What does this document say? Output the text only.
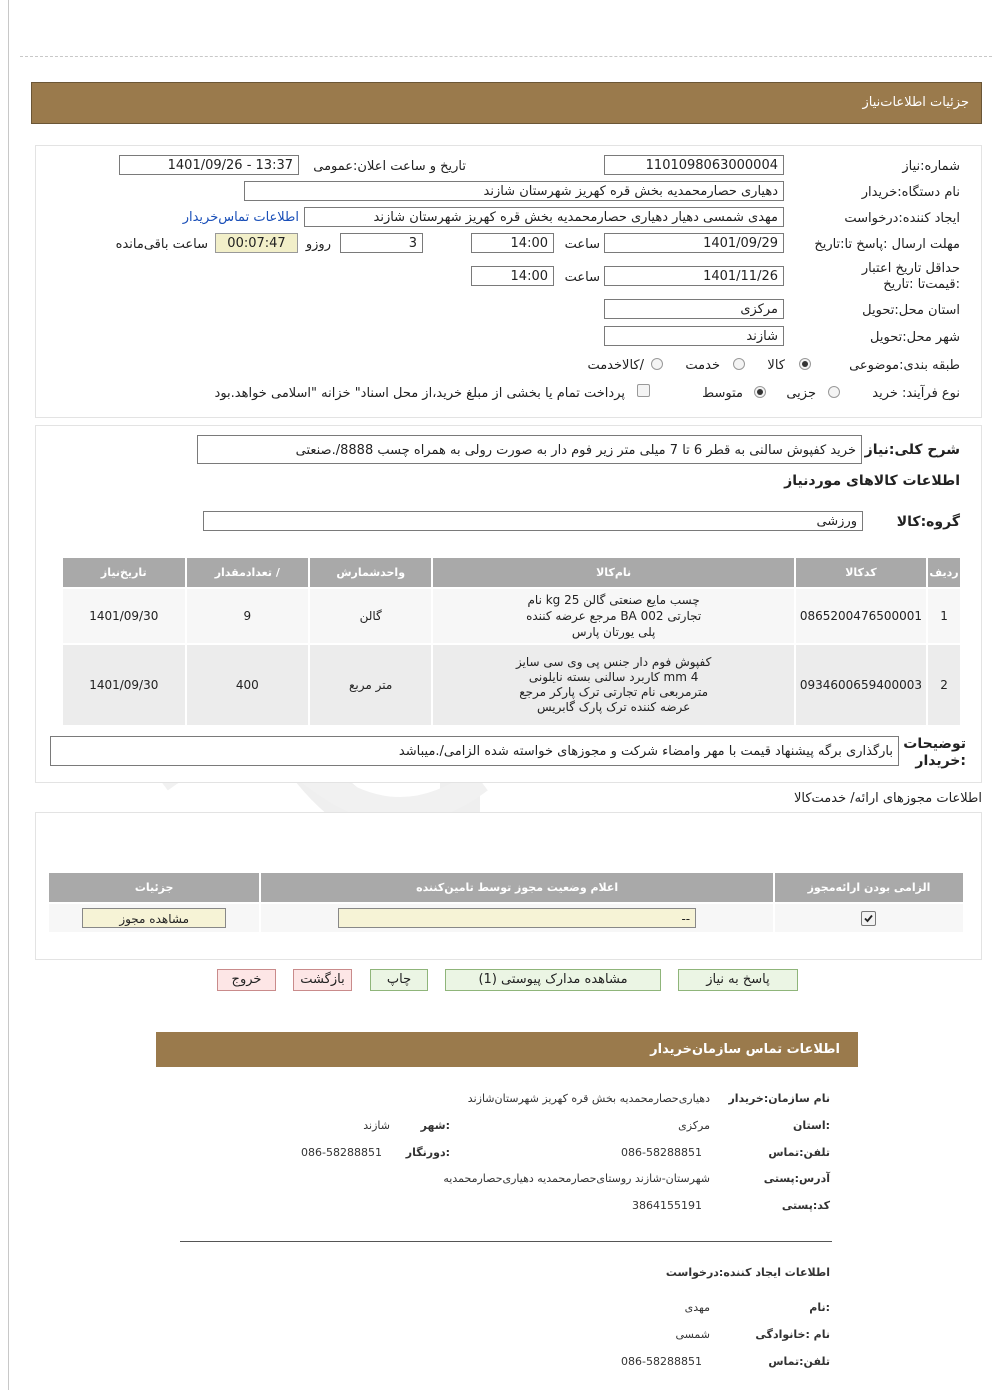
جزئیات اطلاعات‌نیاز
شماره:نیاز
1101098063000004
تاریخ و ساعت اعلان:عمومی
1401/09/26 - 13:37
نام دستگاه:خریدار
دهیاری حصارمحمدیه بخش قره کهریز شهرستان شازند
ایجاد کننده:درخواست
مهدی شمسی دهیار دهیاری حصارمحمدیه بخش قره کهریز شهرستان شازند
اطلاعات تماس‌خریدار
مهلت ارسال :پاسخ تا:تاریخ
1401/09/29
ساعت
14:00
3
روزو
00:07:47
ساعت باقی‌مانده
حداقل تاریخ اعتبار :قیمت‌تا :تاریخ
1401/11/26
ساعت
14:00
استان محل:تحویل
مرکزی
شهر محل:تحویل
شازند
طبقه بندی:موضوعی
کالا
خدمت
/کالاخدمت
نوع فرآیند: خرید
جزیی
متوسط
پرداخت تمام یا بخشی از مبلغ خرید،از محل اسناد" خزانه "اسلامی خواهد.بود
شرح کلی:نیاز
خرید کفپوش سالنی به قطر 6 تا 7 میلی متر زیر فوم دار به صورت رولی به همراه چسب 8888/.صنعتی
اطلاعات کالاهای موردنیاز
گروه:کالا
ورزشی
ردیف	کدکالا	نام‌کالا	واحدشمارش	/ تعدادمقدار	تاریخ‌نیاز
1	0865200476500001	چسب مایع صنعتی گالن 25 kg نام تجارتی BA 002 مرجع عرضه کننده پلی یورتان پارس	گالن	9	1401/09/30
2	0934600659400003	کفپوش فوم دار جنس پی وی سی سایز 4 mm کاربرد سالنی بسته نایلونی مترمربعی نام تجارتی ترک پارکر مرجع عرضه کننده ترک پارک گابریس	متر مربع	400	1401/09/30
توضیحات :خریدار
بارگذاری برگه پیشنهاد قیمت با مهر وامضاء شرکت و مجوزهای خواسته شده الزامی/.میباشد
اطلاعات مجوزهای ارائه/ خدمت‌کالا
الزامی بودن ارائه‌مجوز	اعلام وضعیت مجوز توسط تامین‌کننده	جزئیات

--	مشاهده مجوز
پاسخ به نیاز
مشاهده مدارک پیوستی (1)
چاپ
بازگشت
خروج
اطلاعات تماس سازمان‌خریدار
نام سازمان:خریدار
دهیاری‌حصارمحمدیه بخش قره کهریز شهرستان‌شازند
:استان
مرکزی
:شهر
شازند
تلفن:تماس
086-58288851
:دورنگار
086-58288851
آدرس:پستی
شهرستان-شازند روستای‌حصارمحمدیه دهیاری‌حصارمحمدیه
کد:پستی
3864155191
اطلاعات ایجاد کننده:درخواست
:نام
مهدی
نام :خانوادگی
شمسی
تلفن:تماس
086-58288851
